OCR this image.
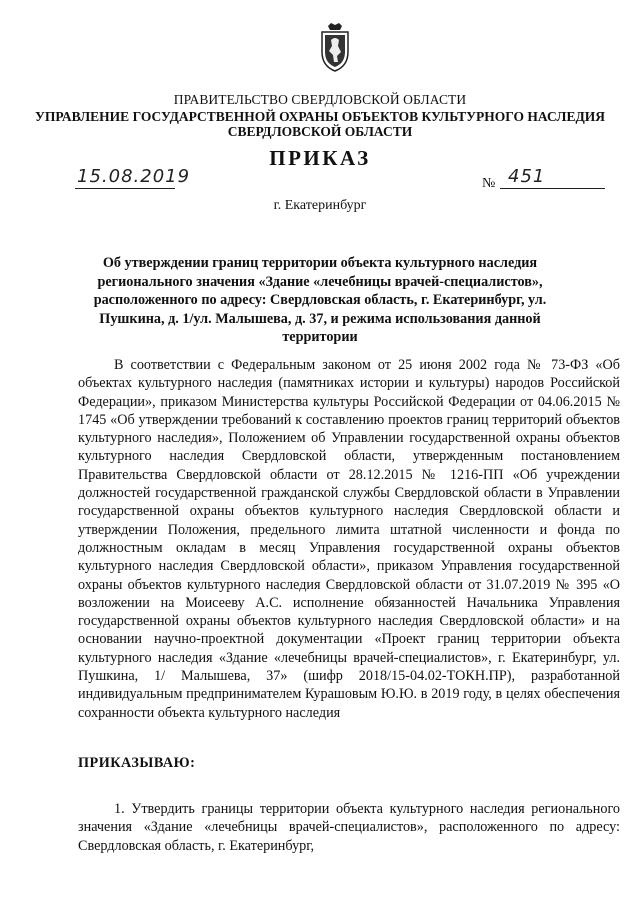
ПРАВИТЕЛЬСТВО СВЕРДЛОВСКОЙ ОБЛАСТИ
УПРАВЛЕНИЕ ГОСУДАРСТВЕННОЙ ОХРАНЫ ОБЪЕКТОВ КУЛЬТУРНОГО НАСЛЕДИЯ
СВЕРДЛОВСКОЙ ОБЛАСТИ
ПРИКАЗ
15.08.2019	№ 451
г. Екатеринбург
Об утверждении границ территории объекта культурного наследия регионального значения «Здание «лечебницы врачей-специалистов», расположенного по адресу: Свердловская область, г. Екатеринбург, ул. Пушкина, д. 1/ул. Малышева, д. 37, и режима использования данной территории
В соответствии с Федеральным законом от 25 июня 2002 года № 73-ФЗ «Об объектах культурного наследия (памятниках истории и культуры) народов Российской Федерации», приказом Министерства культуры Российской Федерации от 04.06.2015 № 1745 «Об утверждении требований к составлению проектов границ территорий объектов культурного наследия», Положением об Управлении государственной охраны объектов культурного наследия Свердловской области, утвержденным постановлением Правительства Свердловской области от 28.12.2015 № 1216-ПП «Об учреждении должностей государственной гражданской службы Свердловской области в Управлении государственной охраны объектов культурного наследия Свердловской области и утверждении Положения, предельного лимита штатной численности и фонда по должностным окладам в месяц Управления государственной охраны объектов культурного наследия Свердловской области», приказом Управления государственной охраны объектов культурного наследия Свердловской области от 31.07.2019 № 395 «О возложении на Моисееву А.С. исполнение обязанностей Начальника Управления государственной охраны объектов культурного наследия Свердловской области» и на основании научно-проектной документации «Проект границ территории объекта культурного наследия «Здание «лечебницы врачей-специалистов», г. Екатеринбург, ул. Пушкина, 1/ Малышева, 37» (шифр 2018/15-04.02-ТОКН.ПР), разработанной индивидуальным предпринимателем Курашовым Ю.Ю. в 2019 году, в целях обеспечения сохранности объекта культурного наследия
ПРИКАЗЫВАЮ:
1. Утвердить границы территории объекта культурного наследия регионального значения «Здание «лечебницы врачей-специалистов», расположенного по адресу: Свердловская область, г. Екатеринбург,
